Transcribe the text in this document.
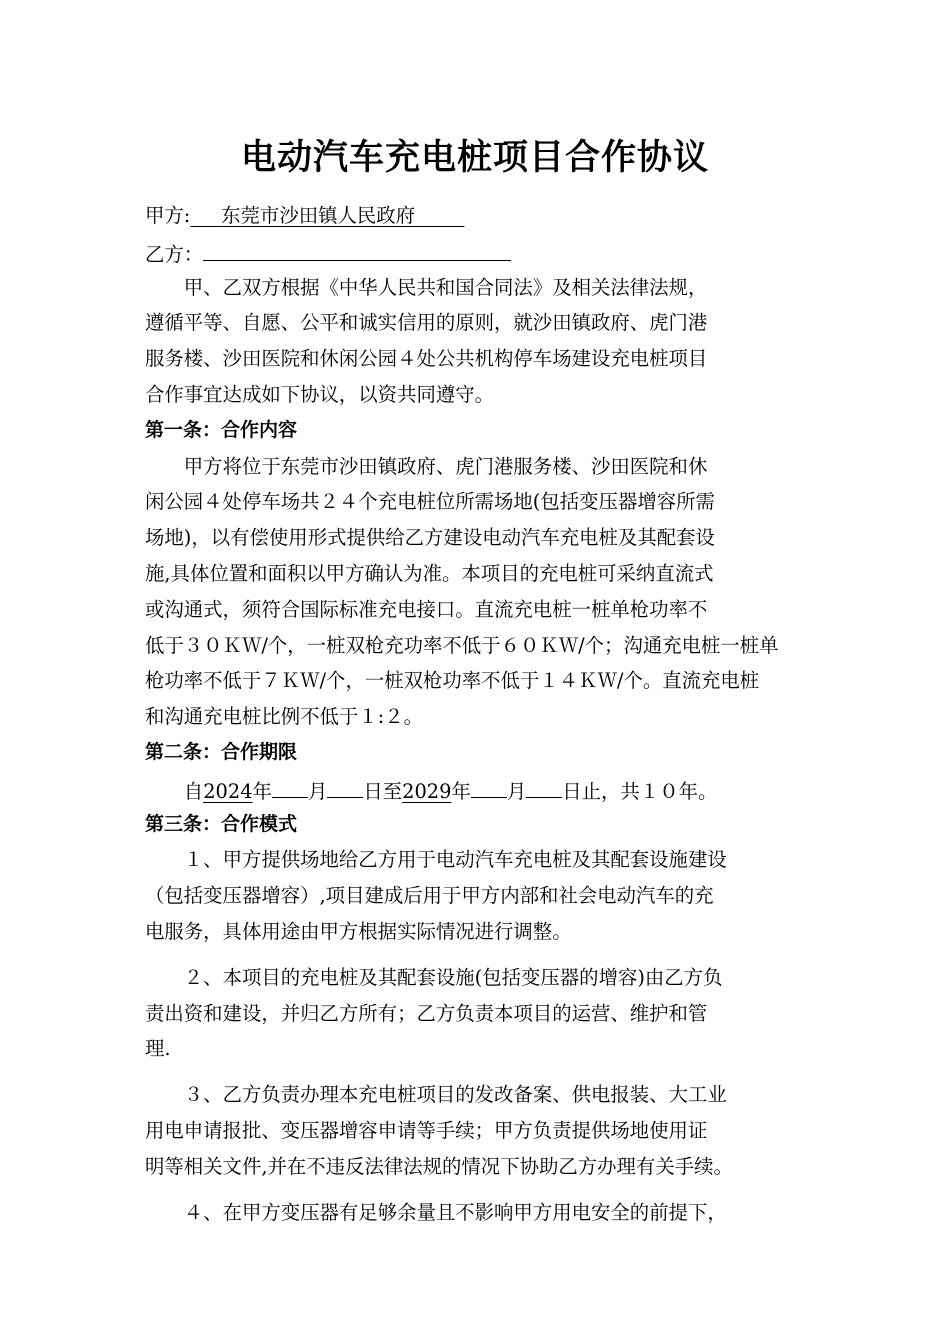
电动汽车充电桩项目合作协议
甲方: 东莞市沙田镇人民政府
乙方：
甲、乙双方根据《中华人民共和国合同法》及相关法律法规，
遵循平等、自愿、公平和诚实信用的原则，就沙田镇政府、虎门港
服务楼、沙田医院和休闲公园４处公共机构停车场建设充电桩项目
合作事宜达成如下协议，以资共同遵守。
第一条：合作内容
甲方将位于东莞市沙田镇政府、虎门港服务楼、沙田医院和休
闲公园４处停车场共２４个充电桩位所需场地(包括变压器增容所需
场地)，以有偿使用形式提供给乙方建设电动汽车充电桩及其配套设
施,具体位置和面积以甲方确认为准。本项目的充电桩可采纳直流式
或沟通式，须符合国际标准充电接口。直流充电桩一桩单枪功率不
低于３０ＫＷ/个，一桩双枪充功率不低于６０ＫＷ/个；沟通充电桩一桩单
枪功率不低于７ＫＷ/个，一桩双枪功率不低于１４ＫＷ/个。直流充电桩
和沟通充电桩比例不低于１:２。
第二条：合作期限
自2024年 月 日至2029年 月 日止，共１０年。
第三条：合作模式
１、甲方提供场地给乙方用于电动汽车充电桩及其配套设施建设
（包括变压器增容）,项目建成后用于甲方内部和社会电动汽车的充
电服务，具体用途由甲方根据实际情况进行调整。
２、本项目的充电桩及其配套设施(包括变压器的增容)由乙方负
责出资和建设，并归乙方所有；乙方负责本项目的运营、维护和管
理.
３、乙方负责办理本充电桩项目的发改备案、供电报装、大工业
用电申请报批、变压器增容申请等手续；甲方负责提供场地使用证
明等相关文件,并在不违反法律法规的情况下协助乙方办理有关手续。
４、在甲方变压器有足够余量且不影响甲方用电安全的前提下，
